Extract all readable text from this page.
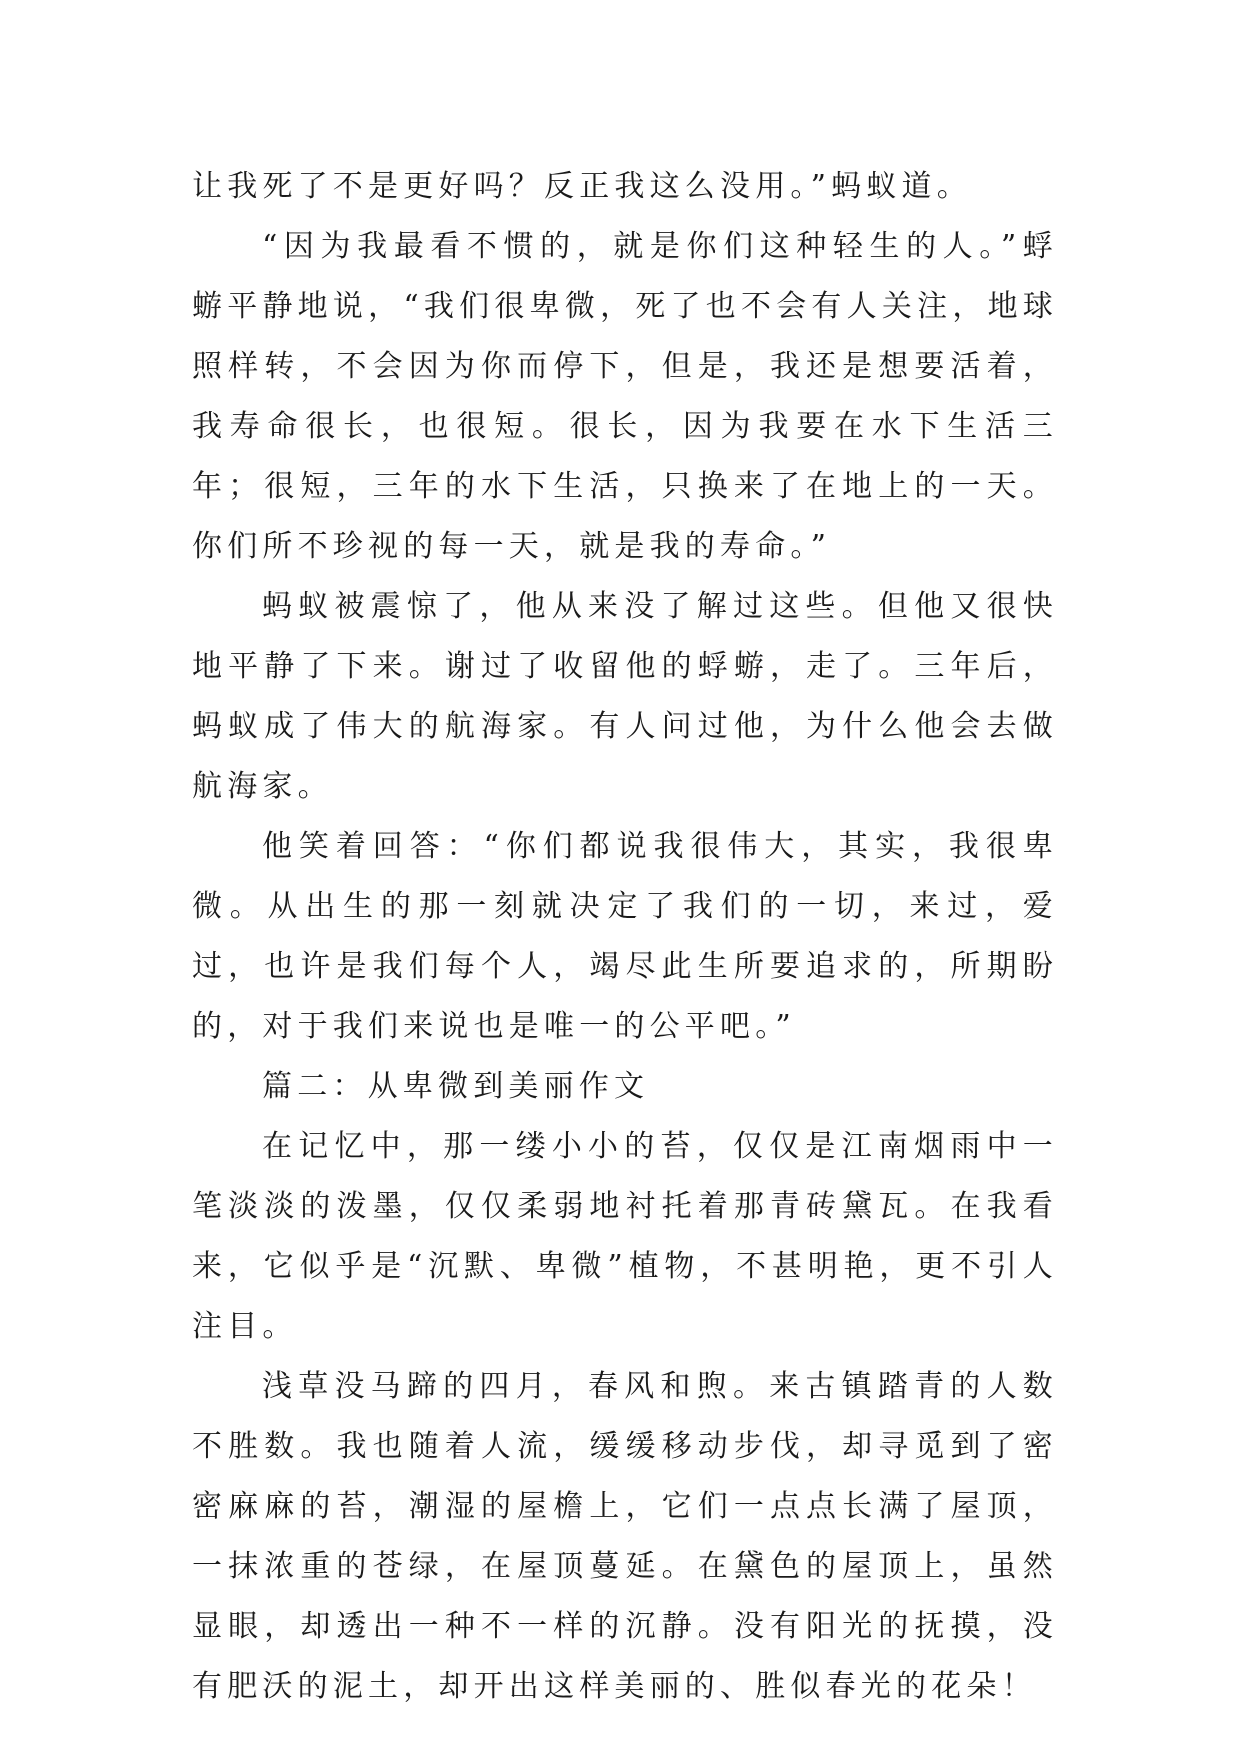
让我死了不是更好吗？反正我这么没用。”蚂蚁道。

“因为我最看不惯的，就是你们这种轻生的人。”蜉蝣平静地说，“我们很卑微，死了也不会有人关注，地球照样转，不会因为你而停下，但是，我还是想要活着，我寿命很长，也很短。很长，因为我要在水下生活三年；很短，三年的水下生活，只换来了在地上的一天。你们所不珍视的每一天，就是我的寿命。”

蚂蚁被震惊了，他从来没了解过这些。但他又很快地平静了下来。谢过了收留他的蜉蝣，走了。三年后，蚂蚁成了伟大的航海家。有人问过他，为什么他会去做航海家。

他笑着回答：“你们都说我很伟大，其实，我很卑微。从出生的那一刻就决定了我们的一切，来过，爱过，也许是我们每个人，竭尽此生所要追求的，所期盼的，对于我们来说也是唯一的公平吧。”

篇二：从卑微到美丽作文

在记忆中，那一缕小小的苔，仅仅是江南烟雨中一笔淡淡的泼墨，仅仅柔弱地衬托着那青砖黛瓦。在我看来，它似乎是“沉默、卑微”植物，不甚明艳，更不引人注目。

浅草没马蹄的四月，春风和煦。来古镇踏青的人数不胜数。我也随着人流，缓缓移动步伐，却寻觅到了密密麻麻的苔，潮湿的屋檐上，它们一点点长满了屋顶，一抹浓重的苍绿，在屋顶蔓延。在黛色的屋顶上，虽然显眼，却透出一种不一样的沉静。没有阳光的抚摸，没有肥沃的泥土，却开出这样美丽的、胜似春光的花朵！
